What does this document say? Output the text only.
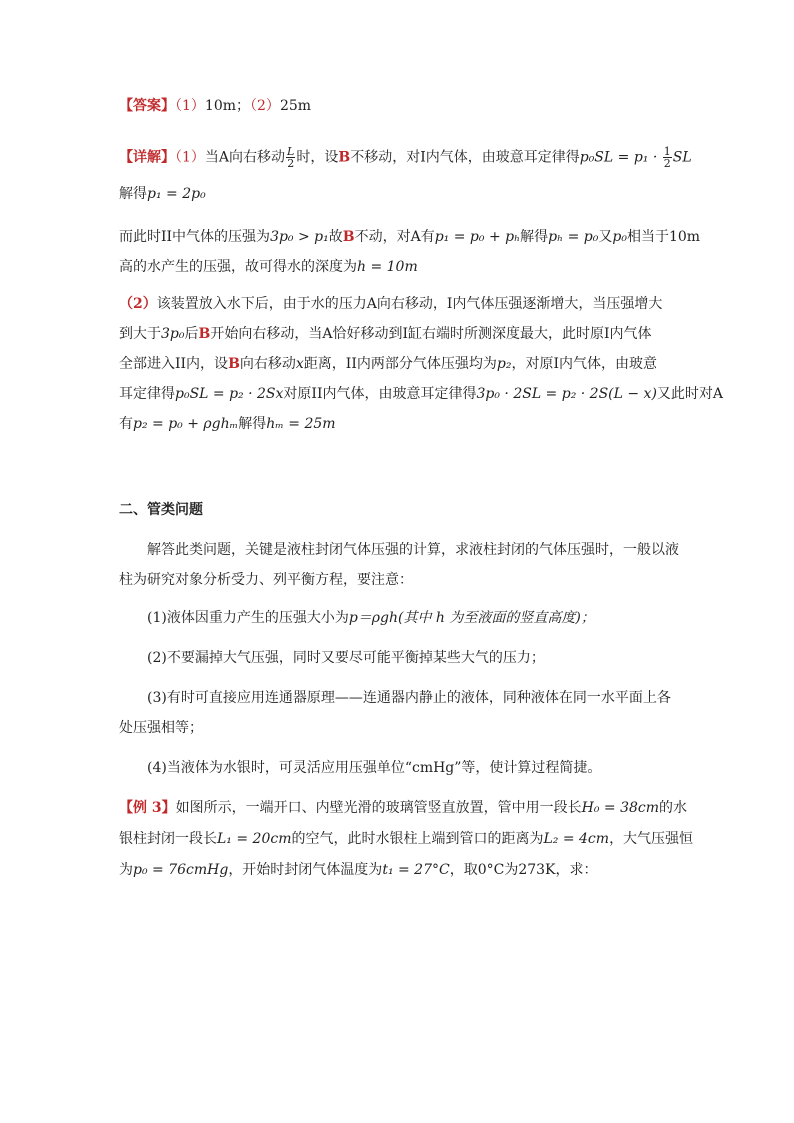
【答案】（1）10m；（2）25m
【详解】（1）当A向右移动 $\frac{L}{2}$ 时，设B不移动，对I内气体，由玻意耳定律得$p_0SL = p_1 \cdot \frac{1}{2}$ SL
解得p₁ = 2p₀
而此时II中气体的压强为3p₀ > p₁故B不动，对A有p₁ = p₀ + pₕ解得pₕ = p₀又p₀相当于10m
高的水产生的压强，故可得水的深度为h = 10m
（2）该装置放入水下后，由于水的压力A向右移动，I内气体压强逐渐增大，当压强增大
到大于3p₀后B开始向右移动，当A恰好移动到I缸右端时所测深度最大，此时原I内气体
全部进入II内，设B向右移动x距离，II内两部分气体压强均为p₂，对原I内气体，由玻意
耳定律得p₀SL = p₂ · 2Sx对原II内气体，由玻意耳定律得3p₀ · 2SL = p₂ · 2S(L − x)又此时对A
有p₂ = p₀ + ρghₘ解得hₘ = 25m
二、管类问题
解答此类问题，关键是液柱封闭气体压强的计算，求液柱封闭的气体压强时，一般以液
柱为研究对象分析受力、列平衡方程，要注意：
(1)液体因重力产生的压强大小为p＝ρgh(其中 h 为至液面的竖直高度)；
(2)不要漏掉大气压强，同时又要尽可能平衡掉某些大气的压力；
(3)有时可直接应用连通器原理——连通器内静止的液体，同种液体在同一水平面上各
处压强相等；
(4)当液体为水银时，可灵活应用压强单位“cmHg”等，使计算过程简捷。
【例 3】如图所示，一端开口、内壁光滑的玻璃管竖直放置，管中用一段长H₀ = 38cm的水
银柱封闭一段长L₁ = 20cm的空气，此时水银柱上端到管口的距离为L₂ = 4cm，大气压强恒
为p₀ = 76cmHg，开始时封闭气体温度为t₁ = 27°C，取0°C为273K，求：
